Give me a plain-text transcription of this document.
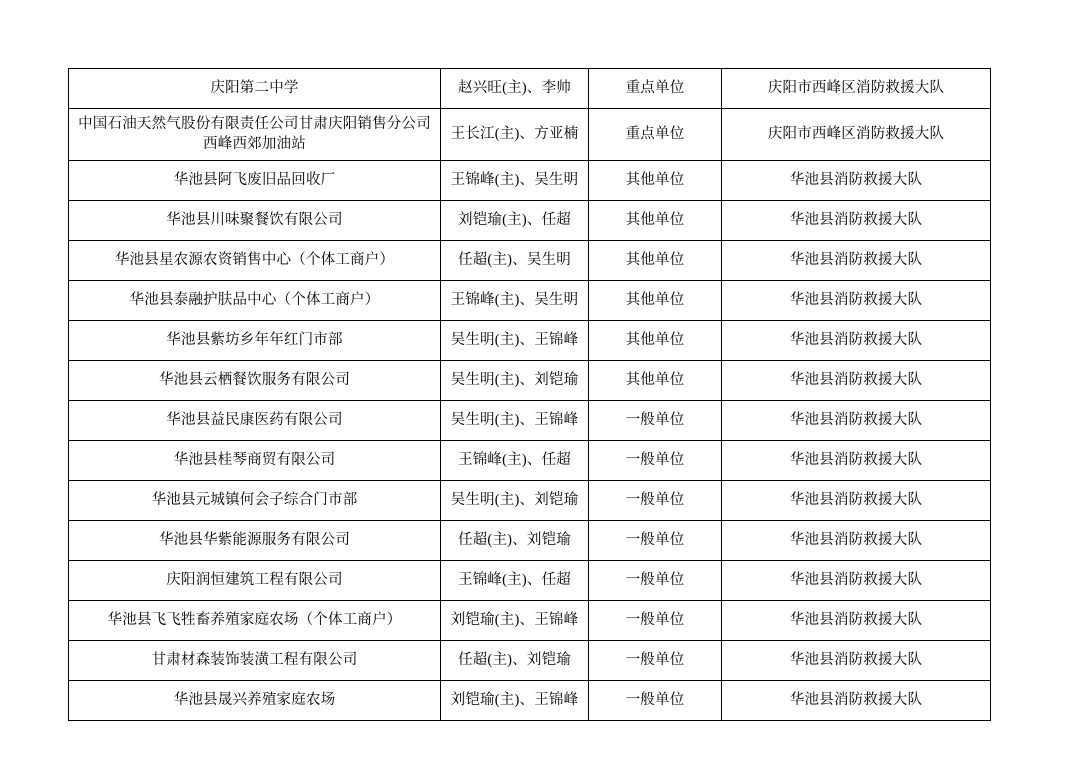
庆阳第二中学	赵兴旺(主)、李帅	重点单位	庆阳市西峰区消防救援大队
中国石油天然气股份有限责任公司甘肃庆阳销售分公司西峰西郊加油站	王长江(主)、方亚楠	重点单位	庆阳市西峰区消防救援大队
华池县阿飞废旧品回收厂	王锦峰(主)、吴生明	其他单位	华池县消防救援大队
华池县川味聚餐饮有限公司	刘铠瑜(主)、任超	其他单位	华池县消防救援大队
华池县星农源农资销售中心（个体工商户）	任超(主)、吴生明	其他单位	华池县消防救援大队
华池县泰融护肤品中心（个体工商户）	王锦峰(主)、吴生明	其他单位	华池县消防救援大队
华池县紫坊乡年年红门市部	吴生明(主)、王锦峰	其他单位	华池县消防救援大队
华池县云栖餐饮服务有限公司	吴生明(主)、刘铠瑜	其他单位	华池县消防救援大队
华池县益民康医药有限公司	吴生明(主)、王锦峰	一般单位	华池县消防救援大队
华池县桂琴商贸有限公司	王锦峰(主)、任超	一般单位	华池县消防救援大队
华池县元城镇何会子综合门市部	吴生明(主)、刘铠瑜	一般单位	华池县消防救援大队
华池县华紫能源服务有限公司	任超(主)、刘铠瑜	一般单位	华池县消防救援大队
庆阳润恒建筑工程有限公司	王锦峰(主)、任超	一般单位	华池县消防救援大队
华池县飞飞牲畜养殖家庭农场（个体工商户）	刘铠瑜(主)、王锦峰	一般单位	华池县消防救援大队
甘肃材森装饰装潢工程有限公司	任超(主)、刘铠瑜	一般单位	华池县消防救援大队
华池县晟兴养殖家庭农场	刘铠瑜(主)、王锦峰	一般单位	华池县消防救援大队
